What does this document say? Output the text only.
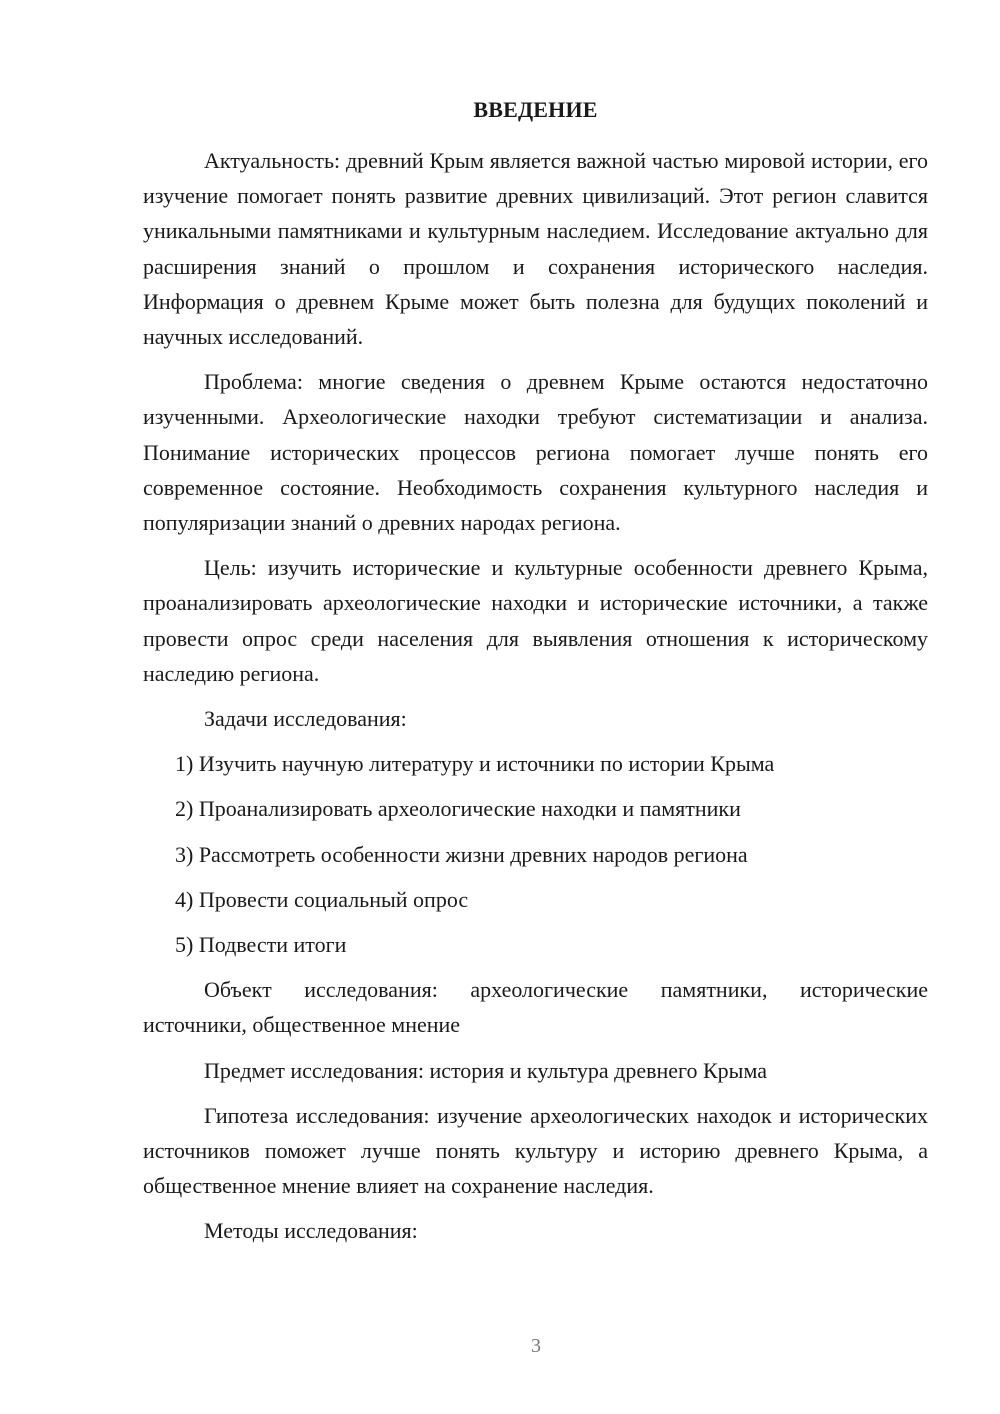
ВВЕДЕНИЕ

Актуальность: древний Крым является важной частью мировой истории, его изучение помогает понять развитие древних цивилизаций. Этот регион славится уникальными памятниками и культурным наследием. Исследование актуально для расширения знаний о прошлом и сохранения исторического наследия. Информация о древнем Крыме может быть полезна для будущих поколений и научных исследований.

Проблема: многие сведения о древнем Крыме остаются недостаточно изученными. Археологические находки требуют систематизации и анализа. Понимание исторических процессов региона помогает лучше понять его современное состояние. Необходимость сохранения культурного наследия и популяризации знаний о древних народах региона.

Цель: изучить исторические и культурные особенности древнего Крыма, проанализировать археологические находки и исторические источники, а также провести опрос среди населения для выявления отношения к историческому наследию региона.

Задачи исследования:

1) Изучить научную литературу и источники по истории Крыма
2) Проанализировать археологические находки и памятники
3) Рассмотреть особенности жизни древних народов региона
4) Провести социальный опрос
5) Подвести итоги

Объект исследования: археологические памятники, исторические источники, общественное мнение

Предмет исследования: история и культура древнего Крыма

Гипотеза исследования: изучение археологических находок и исторических источников поможет лучше понять культуру и историю древнего Крыма, а общественное мнение влияет на сохранение наследия.

Методы исследования:

3
